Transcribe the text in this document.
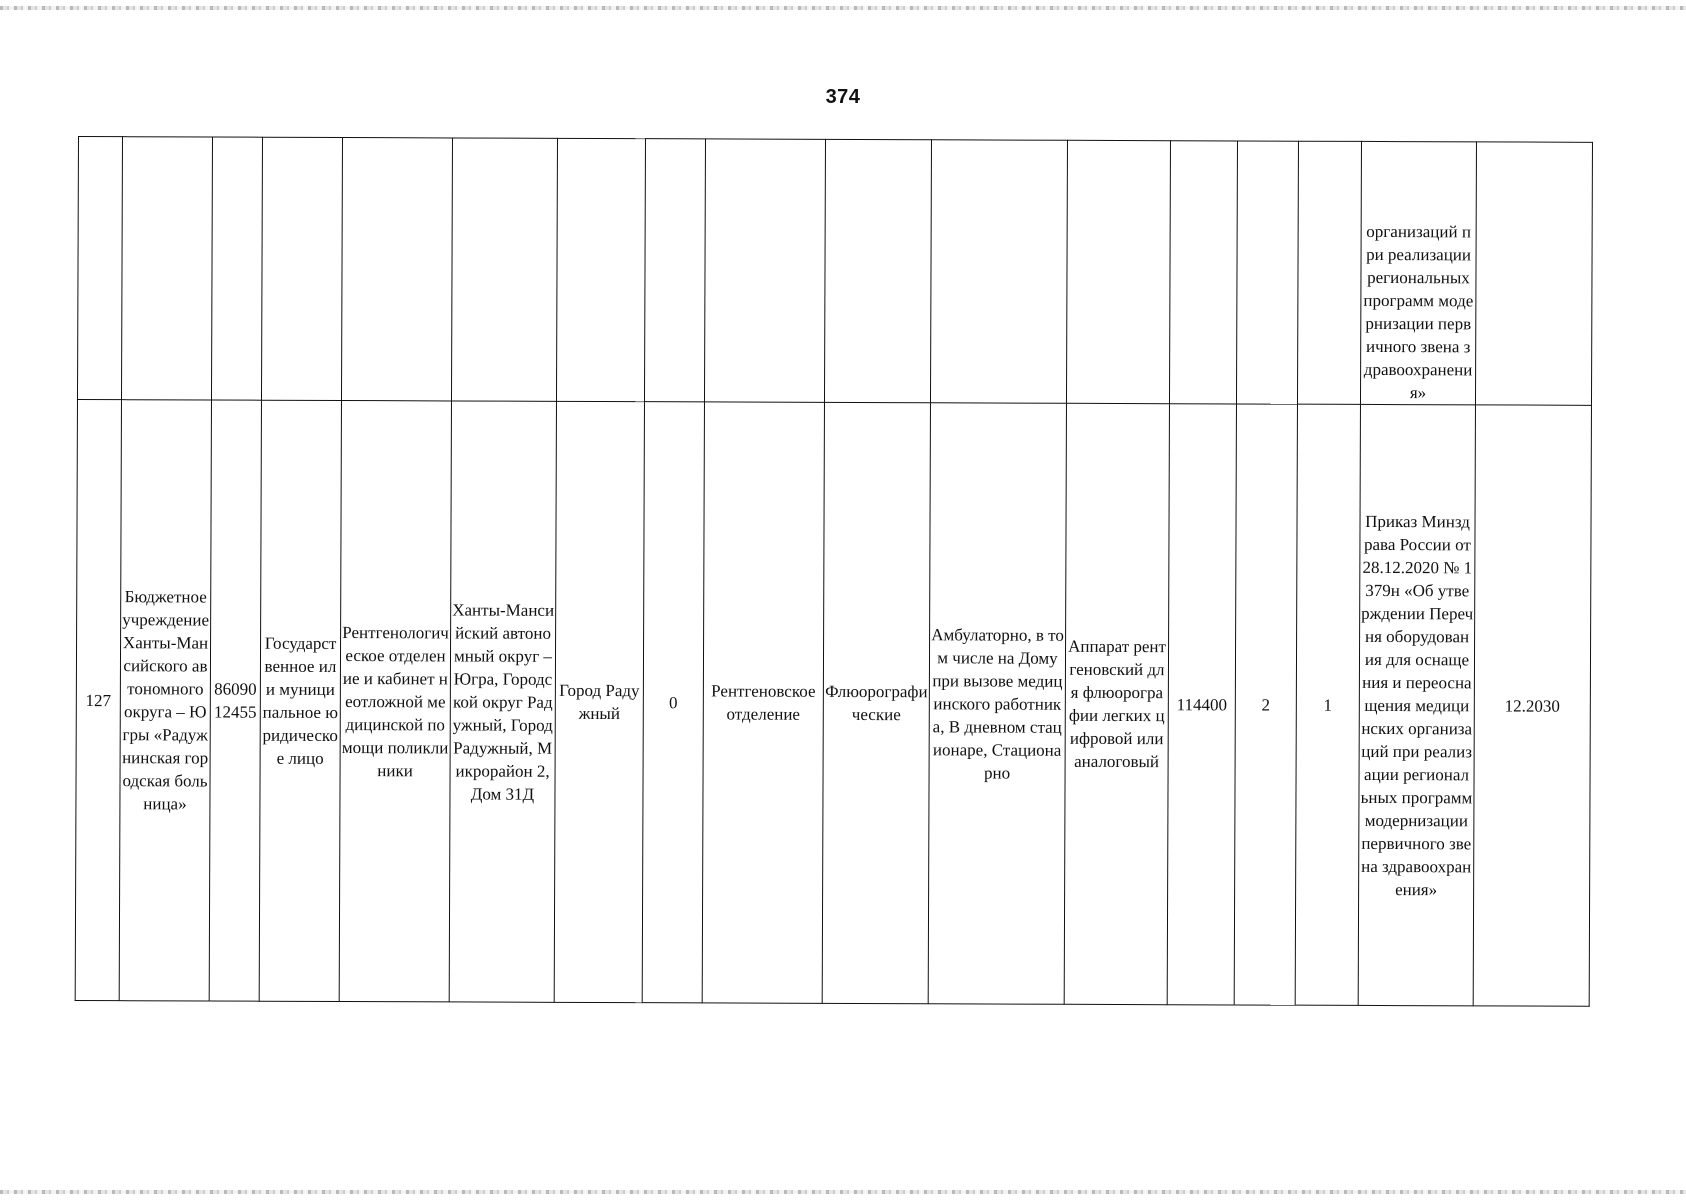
374

															организаций при реализации региональных программ модернизации первичного звена здравоохранения»	

127	Бюджетное учреждение Ханты-Мансийского автономного округа – Югры «Радужнинская городская больница»	8609012455	Государственное или муниципальное юридическое лицо	Рентгенологическое отделение и кабинет неотложной медицинской помощи поликлиники	Ханты-Мансийский автономный округ – Югра, Городской округ Радужный, Город Радужный, Микрорайон 2, Дом 31Д	Город Радужный	0	Рентгеновское отделение	Флюорографические	Амбулаторно, в том числе на Дому при вызове медицинского работника, В дневном стационаре, Стационарно	Аппарат рентгеновский для флюорографии легких цифровой или аналоговый	114400	2	1	Приказ Минздрава России от 28.12.2020 № 1379н «Об утверждении Перечня оборудования для оснащения и переоснащения медицинских организаций при реализации региональных программ модернизации первичного звена здравоохранения»	12.2030
